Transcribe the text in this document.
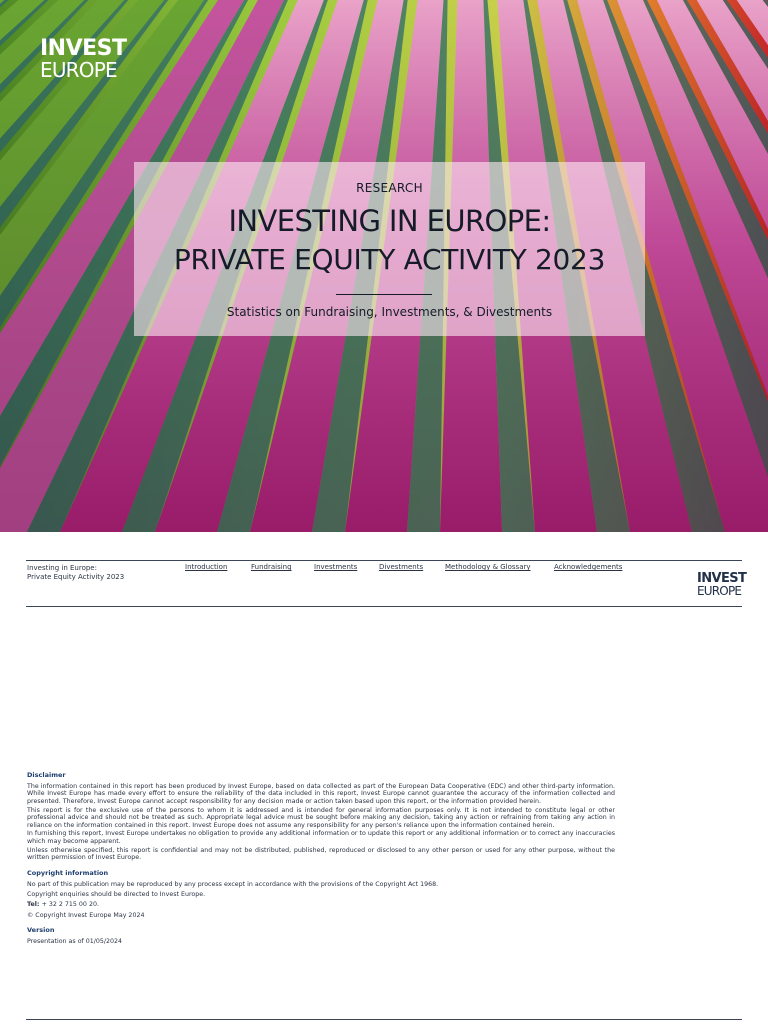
INVEST
EUROPE
RESEARCH
INVESTING IN EUROPE:
PRIVATE EQUITY ACTIVITY 2023
Statistics on Fundraising, Investments, & Divestments
Investing in Europe:
Private Equity Activity 2023
Introduction	Fundraising	Investments	Divestments	Methodology & Glossary	Acknowledgements
INVEST
EUROPE
Disclaimer

The information contained in this report has been produced by Invest Europe, based on data collected as part of the European Data Cooperative (EDC) and other third-party information. While Invest Europe has made every effort to ensure the reliability of the data included in this report, Invest Europe cannot guarantee the accuracy of the information collected and presented. Therefore, Invest Europe cannot accept responsibility for any decision made or action taken based upon this report, or the information provided herein.

This report is for the exclusive use of the persons to whom it is addressed and is intended for general information purposes only. It is not intended to constitute legal or other professional advice and should not be treated as such. Appropriate legal advice must be sought before making any decision, taking any action or refraining from taking any action in reliance on the information contained in this report. Invest Europe does not assume any responsibility for any person's reliance upon the information contained herein.

In furnishing this report, Invest Europe undertakes no obligation to provide any additional information or to update this report or any additional information or to correct any inaccuracies which may become apparent.

Unless otherwise specified, this report is confidential and may not be distributed, published, reproduced or disclosed to any other person or used for any other purpose, without the written permission of Invest Europe.

Copyright information

No part of this publication may be reproduced by any process except in accordance with the provisions of the Copyright Act 1968.

Copyright enquiries should be directed to Invest Europe.

Tel: + 32 2 715 00 20.

© Copyright Invest Europe May 2024

Version

Presentation as of 01/05/2024
